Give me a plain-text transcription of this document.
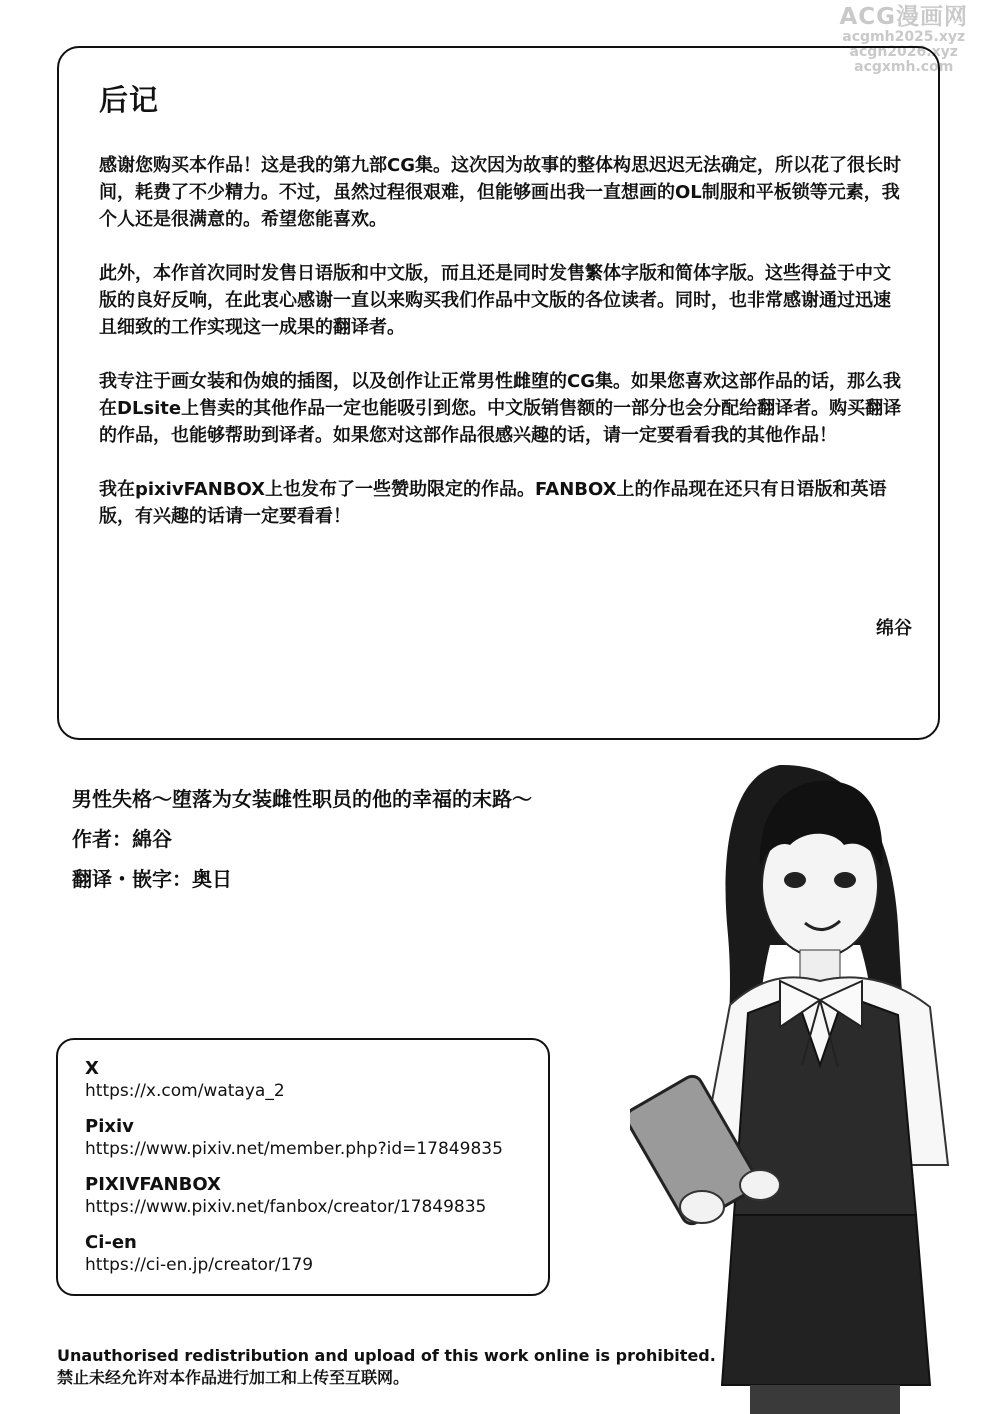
ACG漫画网
acgmh2025.xyz
acgn2026.xyz
acgxmh.com
后记

感谢您购买本作品！这是我的第九部CG集。这次因为故事的整体构思迟迟无法确定，所以花了很长时间，耗费了不少精力。不过，虽然过程很艰难，但能够画出我一直想画的OL制服和平板锁等元素，我个人还是很满意的。希望您能喜欢。

此外，本作首次同时发售日语版和中文版，而且还是同时发售繁体字版和简体字版。这些得益于中文版的良好反响，在此衷心感谢一直以来购买我们作品中文版的各位读者。同时，也非常感谢通过迅速且细致的工作实现这一成果的翻译者。

我专注于画女装和伪娘的插图，以及创作让正常男性雌堕的CG集。如果您喜欢这部作品的话，那么我在DLsite上售卖的其他作品一定也能吸引到您。中文版销售额的一部分也会分配给翻译者。购买翻译的作品，也能够帮助到译者。如果您对这部作品很感兴趣的话，请一定要看看我的其他作品！

我在pixivFANBOX上也发布了一些赞助限定的作品。FANBOX上的作品现在还只有日语版和英语版，有兴趣的话请一定要看看！

绵谷
男性失格～堕落为女装雌性职员的他的幸福的末路～
作者：綿谷
翻译・嵌字：奥日
X
https://x.com/wataya_2
Pixiv
https://www.pixiv.net/member.php?id=17849835
PIXIVFANBOX
https://www.pixiv.net/fanbox/creator/17849835
Ci-en
https://ci-en.jp/creator/179
Unauthorised redistribution and upload of this work online is prohibited.
禁止未经允许对本作品进行加工和上传至互联网。
